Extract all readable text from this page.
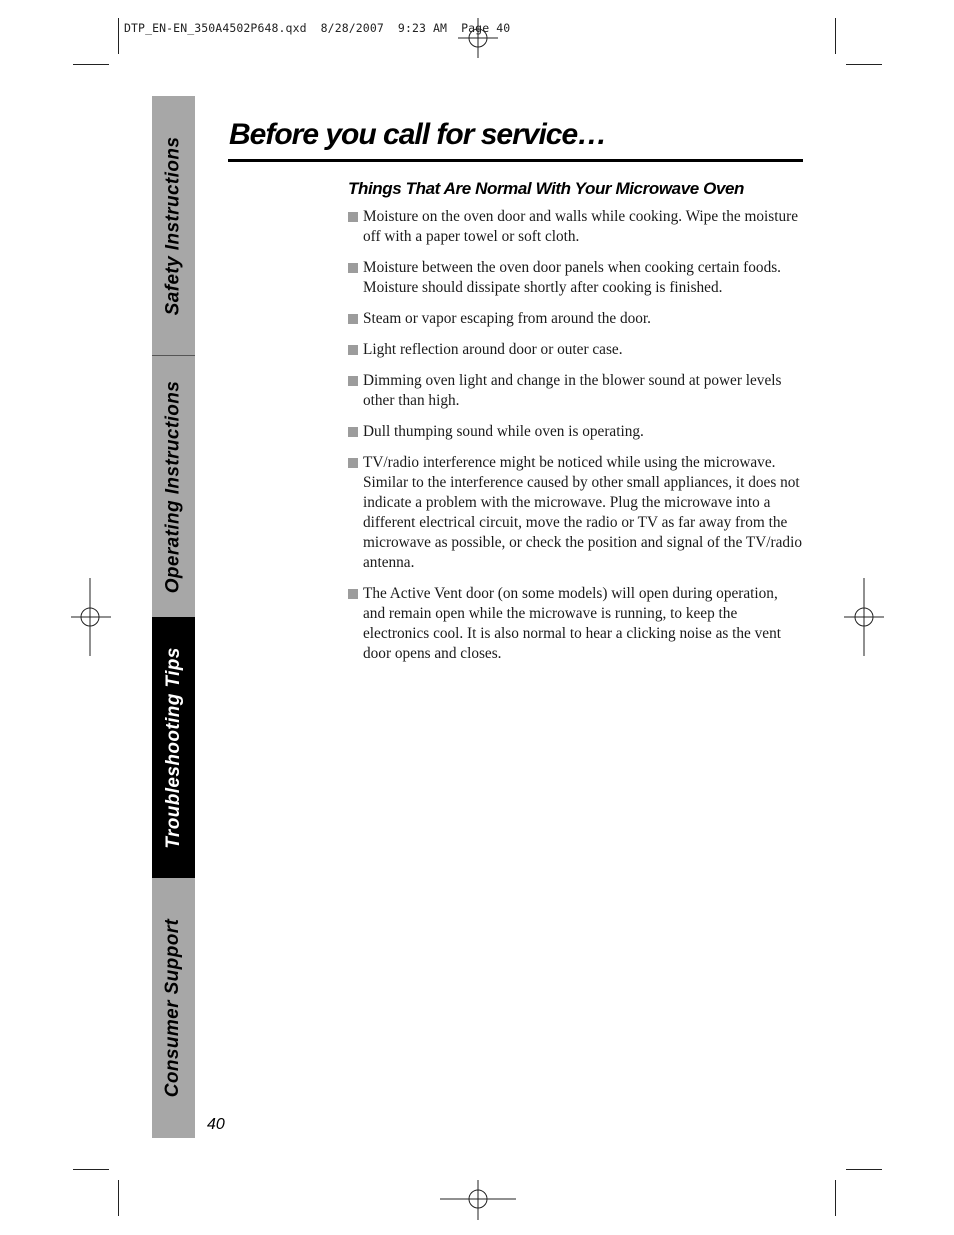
DTP_EN-EN_350A4502P648.qxd  8/28/2007  9:23 AM  Page 40
Safety Instructions
Operating Instructions
Troubleshooting Tips
Consumer Support
Before you call for service…
Things That Are Normal With Your Microwave Oven
Moisture on the oven door and walls while cooking. Wipe the moisture off with a paper towel or soft cloth.
Moisture between the oven door panels when cooking certain foods. Moisture should dissipate shortly after cooking is finished.
Steam or vapor escaping from around the door.
Light reflection around door or outer case.
Dimming oven light and change in the blower sound at power levels other than high.
Dull thumping sound while oven is operating.
TV/radio interference might be noticed while using the microwave. Similar to the interference caused by other small appliances, it does not indicate a problem with the microwave. Plug the microwave into a different electrical circuit, move the radio or TV as far away from the microwave as possible, or check the position and signal of the TV/radio antenna.
The Active Vent door (on some models) will open during operation, and remain open while the microwave is running, to keep the electronics cool. It is also normal to hear a clicking noise as the vent door opens and closes.
40
